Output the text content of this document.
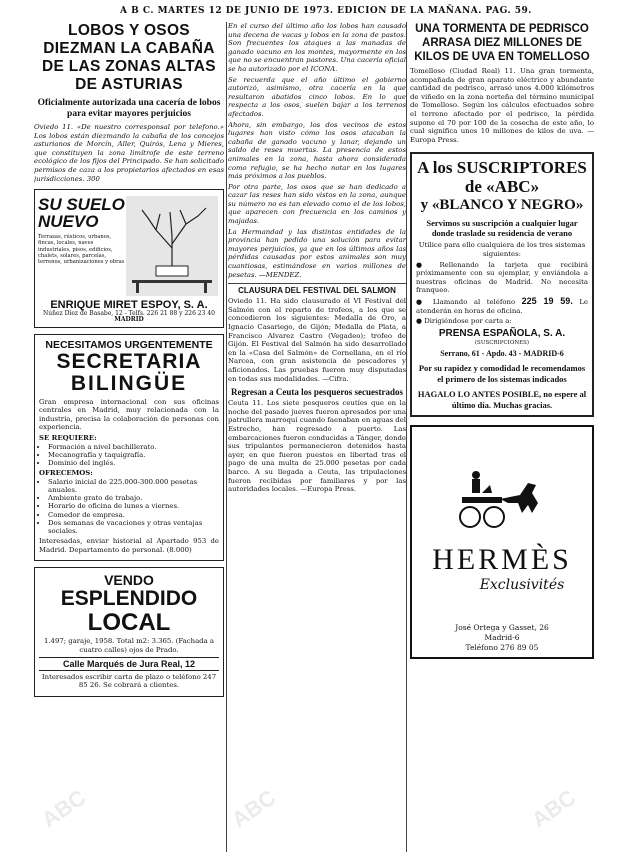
A B C. MARTES 12 DE JUNIO DE 1973. EDICION DE LA MAÑANA. PAG. 59.
LOBOS Y OSOS DIEZMAN LA CABAÑA DE LAS ZONAS ALTAS DE ASTURIAS
Oficialmente autorizada una cacería de lobos para evitar mayores perjuicios

Oviedo 11. «De nuestro corresponsal por telefono.» Los lobos están diezmando la cabaña de los concejos asturianos de Morcín, Aller, Quirós, Lena y Mieres, que constituyen la zona limítrofe de este terreno ecológico de los fijos del Principado. Se han solicitado permisos de caza a los propietarios afectados en esas jurisdicciones. 300

SU SUELO NUEVO
Terrazas, rústicos, urbanos, fincas, locales, naves industriales, pisos, edificios, chalets, solares, parcelas, terrenos, urbanizaciones y obras
ENRIQUE MIRET ESPOY, S. A.
Núñez Díez de Basabe, 12 - Telfs. 226 21 88 y 226 23 40
MADRID
NECESITAMOS URGENTEMENTE
SECRETARIA
BILINGÜE

Gran empresa internacional con sus oficinas centrales en Madrid, muy relacionada con la industria, precisa la colaboración de personas con experiencia.

SE REQUIERE:
• Formación a nivel bachillerato.
• Mecanografía y taquigrafía.
• Dominio del inglés.
OFRECEMOS:
• Salario inicial de 225.000-300.000 pesetas anuales.
• Ambiente grato de trabajo.
• Horario de oficina de lunes a viernes.
• Comedor de empresa.
• Dos semanas de vacaciones y otras ventajas sociales.

Interesadas, enviar historial al Apartado 953 de Madrid. Departamento de personal. (8.000)

VENDO
ESPLENDIDO
LOCAL

1.497; garaje, 1958. Total m2: 3.365. (Fachada a cuatro calles) ojos de Prado.

Calle Marqués de Jura Real, 12

Interesados escribir carta de plazo o teléfono 247 85 26. Se cobrará a clientes.

En el curso del último año los lobos han causado una decena de vacas y lobos en la zona de pastos. Son frecuentes los ataques a las manadas de ganado vacuno en los montes, mayormente en los que no se encuentran pastores. Una cacería oficial se ha autorizado por el ICONA.

Se recuerda que el año último el gobierno autorizó, asimismo, otra cacería en la que resultaron abatidos cinco lobos. En lo que respecta a los osos, suelen bajar a los terrenos afectados.

Ahora, sin embargo, los dos vecinos de estos lugares han visto cómo los osos atacaban la cabaña de ganado vacuno y lanar, dejando un saldo de reses muertas. La presencia de estos animales en la zona, hasta ahora considerada como refugio, se ha hecho notar en los lugares más próximos a los pueblos.

Por otra parte, los osos que se han dedicado a cazar las reses han sido vistos en la zona, aunque su número no es tan elevado como el de los lobos, que aparecen con frecuencia en los caminos y majadas.

La Hermandad y las distintas entidades de la provincia han pedido una solución para evitar mayores perjuicios, ya que en los últimos años las pérdidas causadas por estos animales son muy cuantiosas, estimándose en varios millones de pesetas. —MENDEZ.

CLAUSURA DEL FESTIVAL DEL SALMON

Oviedo 11. Ha sido clausurado el VI Festival del Salmón con el reparto de trofeos, a los que se concedieron los siguientes: Medalla de Oro, a Ignacio Casariego, de Gijón; Medalla de Plata, a Francisco Alvarez Castro (Vegadeo); trofeo de Gijón. El Festival del Salmón ha sido desarrollado en la «Casa del Salmón» de Cornellana, en el río Narcea, con gran asistencia de pescadores y aficionados. Las pruebas fueron muy disputadas en todas sus modalidades. —Cifra.

Regresan a Ceuta los pesqueros secuestrados

Ceuta 11. Los siete pesqueros ceutíes que en la noche del pasado jueves fueron apresados por una patrullera marroquí cuando faenaban en aguas del Estrecho, han regresado a puerto. Las embarcaciones fueron conducidas a Tánger, donde sus tripulantes permanecieron detenidos hasta ayer, en que fueron puestos en libertad tras el pago de una multa de 25.000 pesetas por cada barco. A su llegada a Ceuta, las tripulaciones fueron recibidas por familiares y por las autoridades locales. —Europa Press.

UNA TORMENTA DE PEDRISCO ARRASA DIEZ MILLONES DE KILOS DE UVA EN TOMELLOSO

Tomelloso (Ciudad Real) 11. Una gran tormenta, acompañada de gran aparato eléctrico y abundante cantidad de pedrisco, arrasó unos 4.000 kilómetros de viñedo en la zona norteña del término municipal de Tomelloso. Según los cálculos efectuados sobre el terreno afectado por el pedrisco, la pérdida supone el 70 por 100 de la cosecha de este año, lo cual significa unos 10 millones de kilos de uva. —Europa Press.

A los SUSCRIPTORES
de «ABC»
y «BLANCO Y NEGRO»
Servimos su suscripción a cualquier lugar donde traslade su residencia de verano

Utilice para ello cualquiera de los tres sistemas siguientes:

● Rellenando la tarjeta que recibirá próximamente con su ejemplar, y enviándola a nuestras oficinas de Madrid. No necesita franqueo.

● Llamando al teléfono 225 19 59. Le atenderán en horas de oficina.

● Dirigiéndose por carta a:

PRENSA ESPAÑOLA, S. A.
(SUSCRIPCIONES)
Serrano, 61 - Apdo. 43 - MADRID-6
Por su rapidez y comodidad le recomendamos el primero de los sistemas indicados
HAGALO LO ANTES POSIBLE, no espere al último día. Muchas gracias.
HERMÈS
Exclusivités
José Ortega y Gasset, 26
Madrid-6
Teléfono 276 89 05
ABC	ABC	ABC
